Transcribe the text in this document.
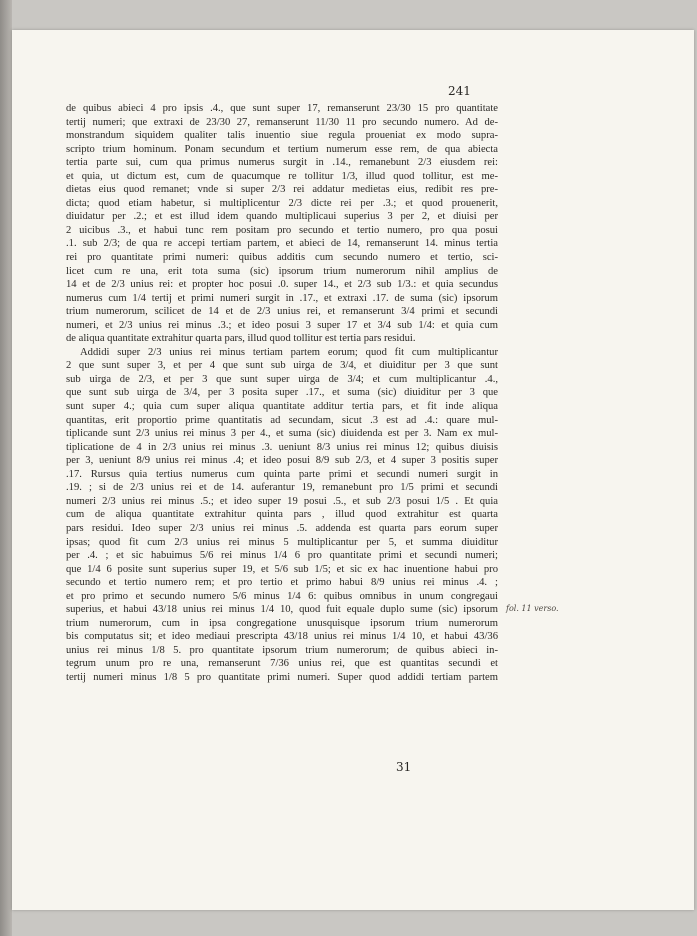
241
de quibus abieci 4 pro ipsis .4., que sunt super 17, remanserunt 23/30 15 pro quantitate
tertij numeri; que extraxi de 23/30 27, remanserunt 11/30 11 pro secundo numero. Ad de-
monstrandum siquidem qualiter talis inuentio siue regula proueniat ex modo supra-
scripto trium hominum. Ponam secundum et tertium numerum esse rem, de qua abiecta
tertia parte sui, cum qua primus numerus surgit in .14., remanebunt 2/3 eiusdem rei:
et quia, ut dictum est, cum de quacumque re tollitur 1/3, illud quod tollitur, est me-
dietas eius quod remanet; vnde si super 2/3 rei addatur medietas eius, redibit res pre-
dicta; quod etiam habetur, si multiplicentur 2/3 dicte rei per .3.; et quod prouenerit,
diuidatur per .2.; et est illud idem quando multiplicaui superius 3 per 2, et diuisi per
2 uicibus .3., et habui tunc rem positam pro secundo et tertio numero, pro qua posui
.1. sub 2/3; de qua re accepi tertiam partem, et abieci de 14, remanserunt 14. minus tertia
rei pro quantitate primi numeri: quibus additis cum secundo numero et tertio, sci-
licet cum re una, erit tota suma (sic) ipsorum trium numerorum nihil amplius de
14 et de 2/3 unius rei: et propter hoc posui .0. super 14., et 2/3 sub 1/3.: et quia secundus
numerus cum 1/4 tertij et primi numeri surgit in .17., et extraxi .17. de suma (sic) ipsorum
trium numerorum, scilicet de 14 et de 2/3 unius rei, et remanserunt 3/4 primi et secundi
numeri, et 2/3 unius rei minus .3.; et ideo posui 3 super 17 et 3/4 sub 1/4: et quia cum
de aliqua quantitate extrahitur quarta pars, illud quod tollitur est tertia pars residui.
Addidi super 2/3 unius rei minus tertiam partem eorum; quod fit cum multiplicantur
2 que sunt super 3, et per 4 que sunt sub uirga de 3/4, et diuiditur per 3 que sunt
sub uirga de 2/3, et per 3 que sunt super uirga de 3/4; et cum multiplicantur .4.,
que sunt sub uirga de 3/4, per 3 posita super .17., et suma (sic) diuiditur per 3 que
sunt super 4.; quia cum super aliqua quantitate additur tertia pars, et fit inde aliqua
quantitas, erit proportio prime quantitatis ad secundam, sicut .3 est ad .4.: quare mul-
tiplicande sunt 2/3 unius rei minus 3 per 4., et suma (sic) diuidenda est per 3. Nam ex mul-
tiplicatione de 4 in 2/3 unius rei minus .3. ueniunt 8/3 unius rei minus 12; quibus diuisis
per 3, ueniunt 8/9 unius rei minus .4; et ideo posui 8/9 sub 2/3, et 4 super 3 positis super
.17. Rursus quia tertius numerus cum quinta parte primi et secundi numeri surgit in
.19. ; si de 2/3 unius rei et de 14. auferantur 19, remanebunt pro 1/5 primi et secundi
numeri 2/3 unius rei minus .5.; et ideo super 19 posui .5., et sub 2/3 posui 1/5 . Et quia
cum de aliqua quantitate extrahitur quinta pars , illud quod extrahitur est quarta
pars residui. Ideo super 2/3 unius rei minus .5. addenda est quarta pars eorum super
ipsas; quod fit cum 2/3 unius rei minus 5 multiplicantur per 5, et summa diuiditur
per .4. ; et sic habuimus 5/6 rei minus 1/4 6 pro quantitate primi et secundi numeri;
que 1/4 6 posite sunt superius super 19, et 5/6 sub 1/5; et sic ex hac inuentione habui pro
secundo et tertio numero rem; et pro tertio et primo habui 8/9 unius rei minus .4. ;
et pro primo et secundo numero 5/6 minus 1/4 6: quibus omnibus in unum congregaui
superius, et habui 43/18 unius rei minus 1/4 10, quod fuit equale duplo sume (sic) ipsorum
trium numerorum, cum in ipsa congregatione unusquisque ipsorum trium numerorum
bis computatus sit; et ideo mediaui prescripta 43/18 unius rei minus 1/4 10, et habui 43/36
unius rei minus 1/8 5. pro quantitate ipsorum trium numerorum; de quibus abieci in-
tegrum unum pro re una, remanserunt 7/36 unius rei, que est quantitas secundi et
tertij numeri minus 1/8 5 pro quantitate primi numeri. Super quod addidi tertiam partem
fol. 11 verso.
31
